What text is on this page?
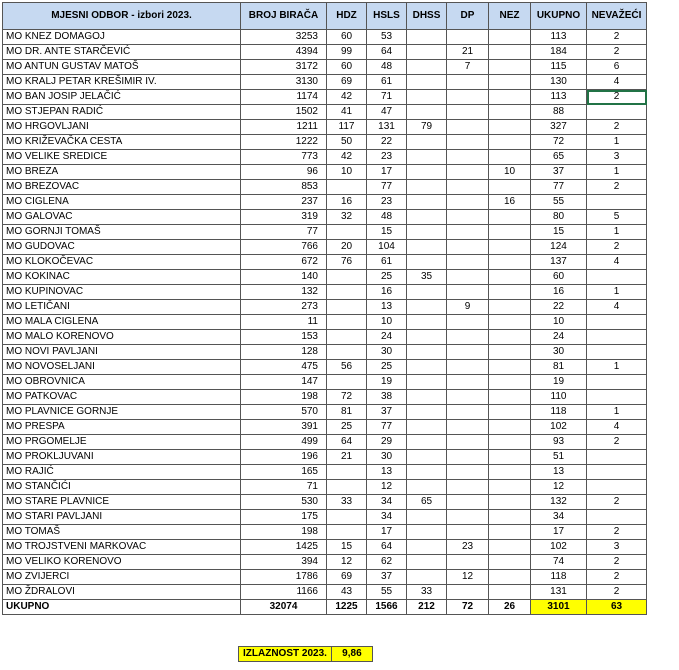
MJESNI ODBOR - izbori 2023.	BROJ BIRAČA	HDZ	HSLS	DHSS	DP	NEZ	UKUPNO	NEVAŽEĆI
MO KNEZ DOMAGOJ	3253	60	53				113	2
MO DR. ANTE STARČEVIĆ	4394	99	64		21		184	2
MO ANTUN GUSTAV MATOŠ	3172	60	48		7		115	6
MO KRALJ PETAR KREŠIMIR IV.	3130	69	61				130	4
MO BAN JOSIP JELAČIĆ	1174	42	71				113	2
MO STJEPAN RADIĆ	1502	41	47				88	
MO HRGOVLJANI	1211	117	131	79			327	2
MO KRIŽEVAČKA CESTA	1222	50	22				72	1
MO VELIKE SREDICE	773	42	23				65	3
MO BREZA	96	10	17			10	37	1
MO BREZOVAC	853		77				77	2
MO CIGLENA	237	16	23			16	55	
MO GALOVAC	319	32	48				80	5
MO GORNJI TOMAŠ	77		15				15	1
MO GUDOVAC	766	20	104				124	2
MO KLOKOČEVAC	672	76	61				137	4
MO KOKINAC	140		25	35			60	
MO KUPINOVAC	132		16				16	1
MO LETIČANI	273		13		9		22	4
MO MALA CIGLENA	11		10				10	
MO MALO KORENOVO	153		24				24	
MO NOVI PAVLJANI	128		30				30	
MO NOVOSELJANI	475	56	25				81	1
MO OBROVNICA	147		19				19	
MO PATKOVAC	198	72	38				110	
MO PLAVNICE GORNJE	570	81	37				118	1
MO PRESPA	391	25	77				102	4
MO PRGOMELJE	499	64	29				93	2
MO PROKLJUVANI	196	21	30				51	
MO RAJIĆ	165		13				13	
MO STANČIĆI	71		12				12	
MO STARE PLAVNICE	530	33	34	65			132	2
MO STARI PAVLJANI	175		34				34	
MO TOMAŠ	198		17				17	2
MO TROJSTVENI MARKOVAC	1425	15	64		23		102	3
MO VELIKO KORENOVO	394	12	62				74	2
MO ZVIJERCI	1786	69	37		12		118	2
MO ŽDRALOVI	1166	43	55	33			131	2
UKUPNO	32074	1225	1566	212	72	26	3101	63
IZLAZNOST 2023.	9,86
